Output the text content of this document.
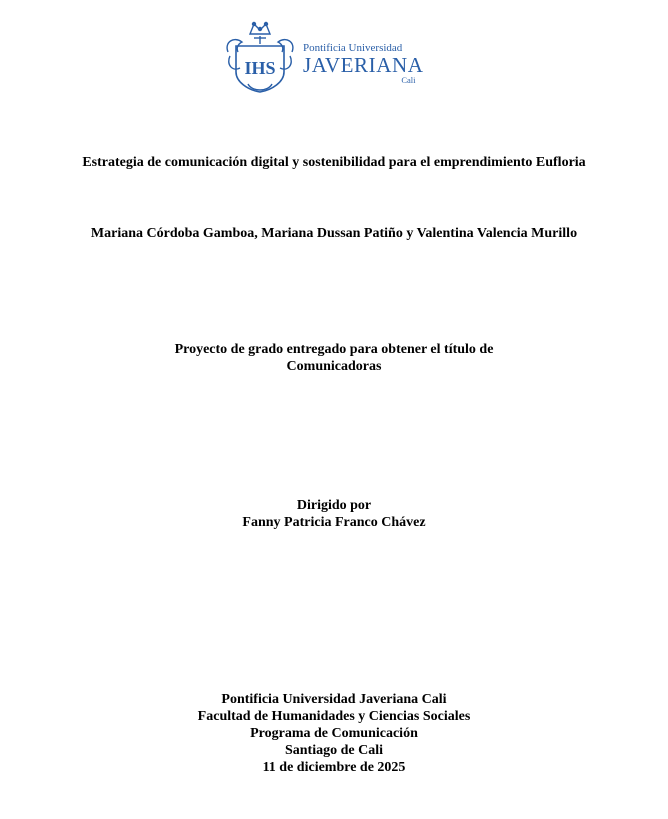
IHS
Pontificia Universidad
JAVERIANA
Cali
Estrategia de comunicación digital y sostenibilidad para el emprendimiento Eufloria
Mariana Córdoba Gamboa, Mariana Dussan Patiño y Valentina Valencia Murillo
Proyecto de grado entregado para obtener el título de
Comunicadoras
Dirigido por
Fanny Patricia Franco Chávez
Pontificia Universidad Javeriana Cali
Facultad de Humanidades y Ciencias Sociales
Programa de Comunicación
Santiago de Cali
11 de diciembre de 2025
